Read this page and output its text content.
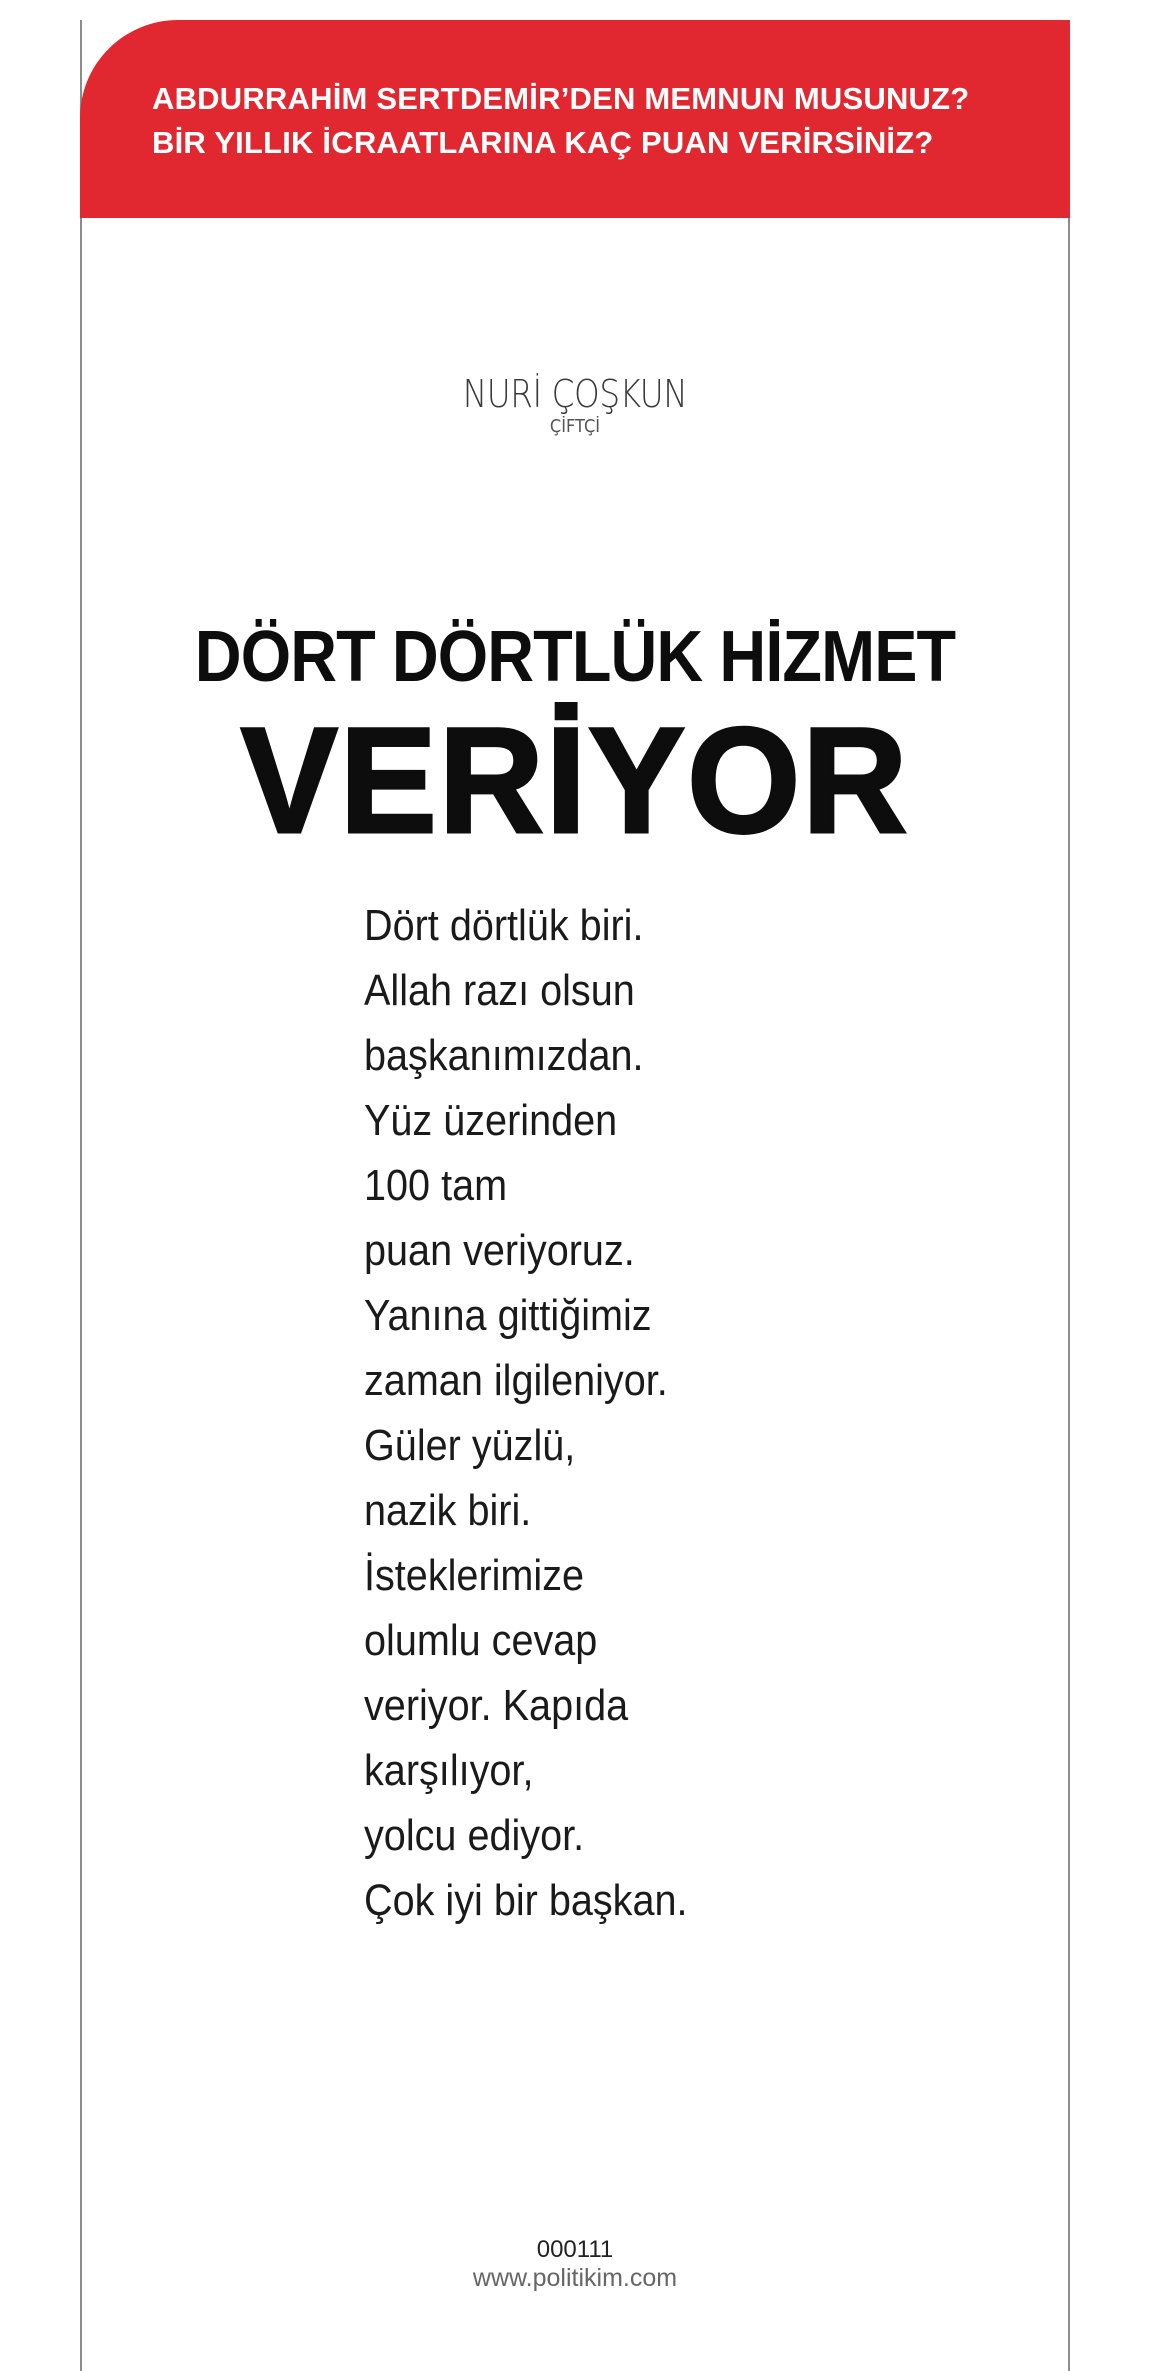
ABDURRAHİM SERTDEMİR’DEN MEMNUN MUSUNUZ?
BİR YILLIK İCRAATLARINA KAÇ PUAN VERİRSİNİZ?
NURİ ÇOŞKUN
ÇİFTÇİ
DÖRT DÖRTLÜK HİZMET
VERİYOR
Dört dörtlük biri.
Allah razı olsun
başkanımızdan.
Yüz üzerinden
100 tam
puan veriyoruz.
Yanına gittiğimiz
zaman ilgileniyor.
Güler yüzlü,
nazik biri.
İsteklerimize
olumlu cevap
veriyor. Kapıda
karşılıyor,
yolcu ediyor.
Çok iyi bir başkan.
000111
www.politikim.com
